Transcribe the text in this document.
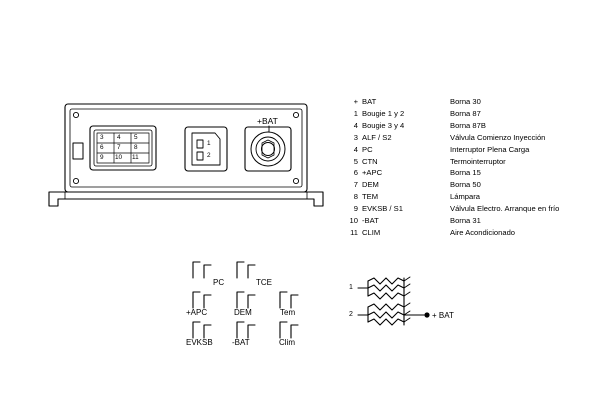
+BAT
3 4 5
6 7 8
9 10 11
1
2
PC	TCE
+APC	DEM	Tem
EVKSB -BAT	Clim
1
2	+ BAT
+	BAT	Borna 30
1	Bougie 1 y 2	Borna 87
4	Bougie 3 y 4	Borna 87B
3	ALF / S2	Válvula Comienzo Inyección
4	PC	Interruptor Plena Carga
5	CTN	Termointerruptor
6	+APC	Borna 15
7	DEM	Borna 50
8	TEM	Lámpara
9	EVKSB / S1	Válvula Electro. Arranque en frío
10	-BAT	Borna 31
11	CLIM	Aire Acondicionado
